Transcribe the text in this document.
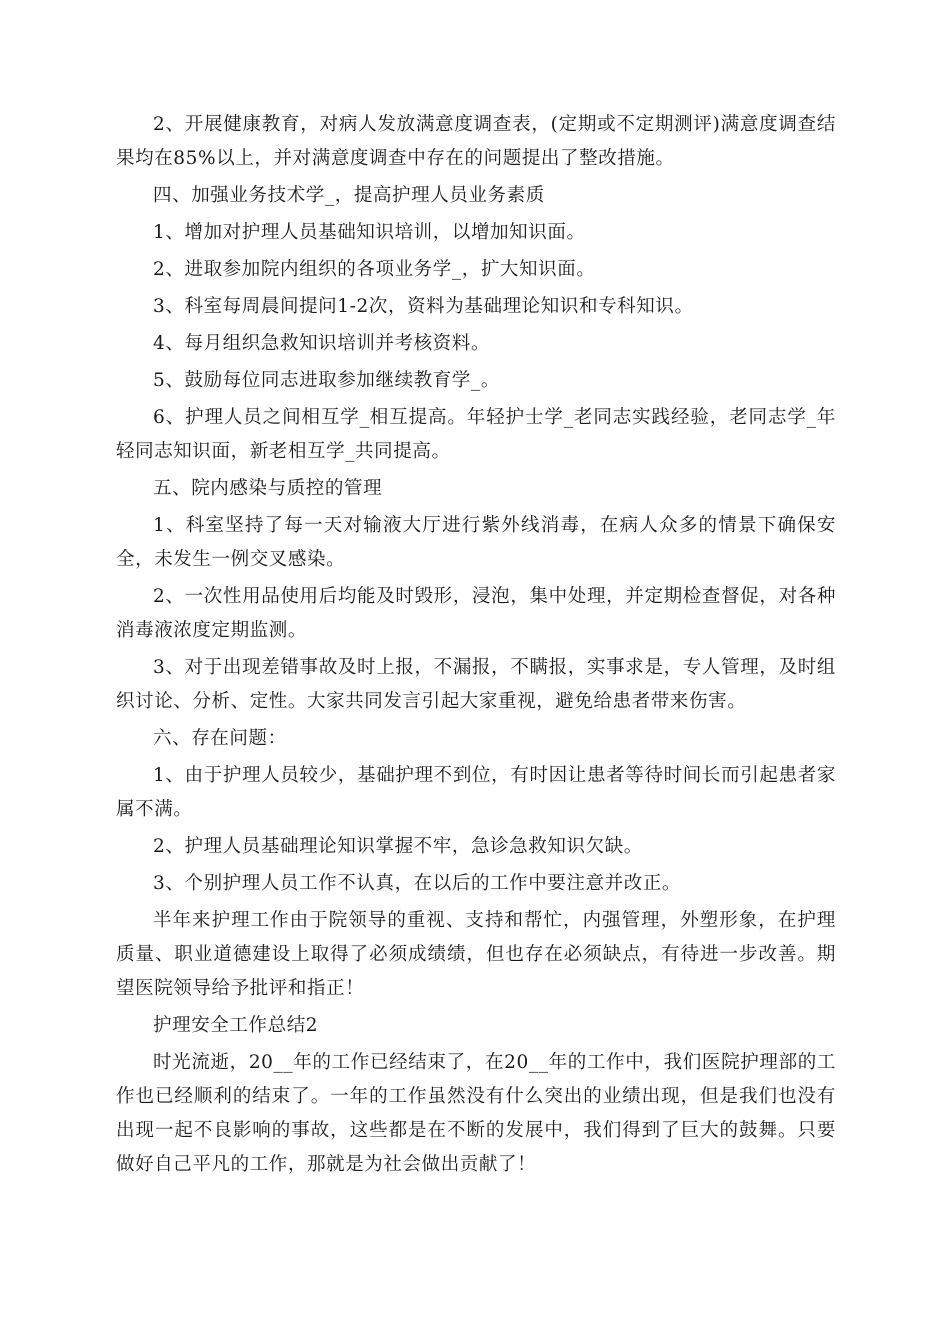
2、开展健康教育，对病人发放满意度调查表，(定期或不定期测评)满意度调查结果均在85%以上，并对满意度调查中存在的问题提出了整改措施。

四、加强业务技术学_，提高护理人员业务素质

1、增加对护理人员基础知识培训，以增加知识面。

2、进取参加院内组织的各项业务学_，扩大知识面。

3、科室每周晨间提问1-2次，资料为基础理论知识和专科知识。

4、每月组织急救知识培训并考核资料。

5、鼓励每位同志进取参加继续教育学_。

6、护理人员之间相互学_相互提高。年轻护士学_老同志实践经验，老同志学_年轻同志知识面，新老相互学_共同提高。

五、院内感染与质控的管理

1、科室坚持了每一天对输液大厅进行紫外线消毒，在病人众多的情景下确保安全，未发生一例交叉感染。

2、一次性用品使用后均能及时毁形，浸泡，集中处理，并定期检查督促，对各种消毒液浓度定期监测。

3、对于出现差错事故及时上报，不漏报，不瞒报，实事求是，专人管理，及时组织讨论、分析、定性。大家共同发言引起大家重视，避免给患者带来伤害。

六、存在问题：

1、由于护理人员较少，基础护理不到位，有时因让患者等待时间长而引起患者家属不满。

2、护理人员基础理论知识掌握不牢，急诊急救知识欠缺。

3、个别护理人员工作不认真，在以后的工作中要注意并改正。

半年来护理工作由于院领导的重视、支持和帮忙，内强管理，外塑形象，在护理质量、职业道德建设上取得了必须成绩绩，但也存在必须缺点，有待进一步改善。期望医院领导给予批评和指正！

护理安全工作总结2

时光流逝，20__年的工作已经结束了，在20__年的工作中，我们医院护理部的工作也已经顺利的结束了。一年的工作虽然没有什么突出的业绩出现，但是我们也没有出现一起不良影响的事故，这些都是在不断的发展中，我们得到了巨大的鼓舞。只要做好自己平凡的工作，那就是为社会做出贡献了！
